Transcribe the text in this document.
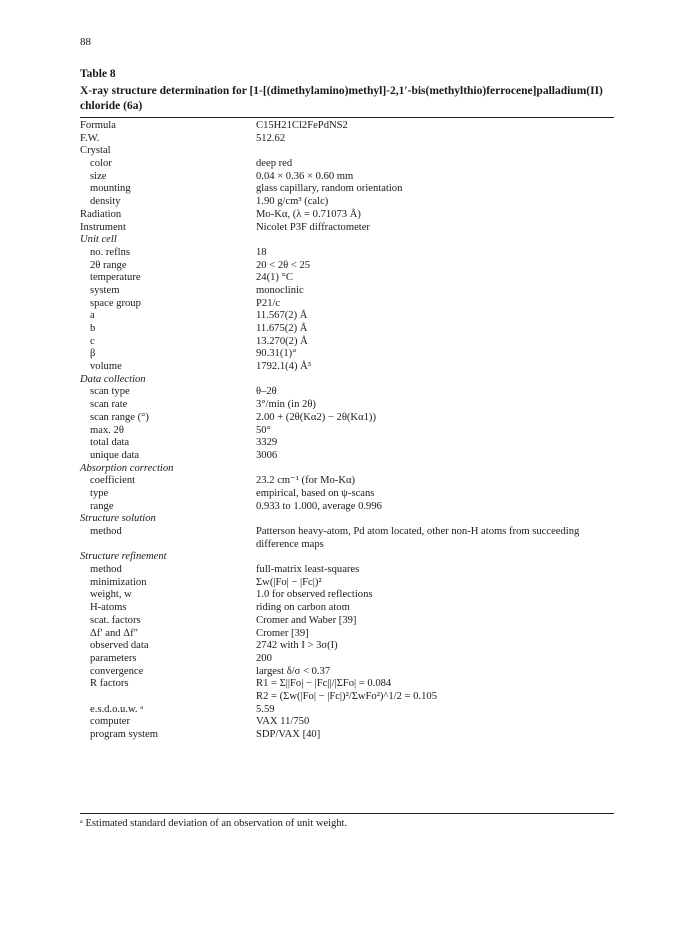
88
Table 8
X-ray structure determination for [1-[(dimethylamino)methyl]-2,1′-bis(methylthio)ferrocene]palladium(II) chloride (6a)
Formula	C15H21Cl2FePdNS2
F.W.	512.62
Crystal
color	deep red
size	0.04 × 0.36 × 0.60 mm
mounting	glass capillary, random orientation
density	1.90 g/cm³ (calc)
Radiation	Mo-Kα, (λ = 0.71073 Å)
Instrument	Nicolet P3F diffractometer
Unit cell
no. reflns	18
2θ range	20 < 2θ < 25
temperature	24(1) °C
system	monoclinic
space group	P21/c
a	11.567(2) Å
b	11.675(2) Å
c	13.270(2) Å
β	90.31(1)°
volume	1792.1(4) Å³
Data collection
scan type	θ–2θ
scan rate	3°/min (in 2θ)
scan range (°)	2.00 + (2θ(Kα2) − 2θ(Kα1))
max. 2θ	50°
total data	3329
unique data	3006
Absorption correction
coefficient	23.2 cm⁻¹ (for Mo-Kα)
type	empirical, based on ψ-scans
range	0.933 to 1.000, average 0.996
Structure solution
method	Patterson heavy-atom, Pd atom located, other non-H atoms from succeeding difference maps
Structure refinement
method	full-matrix least-squares
minimization	Σw(|Fo| − |Fc|)²
weight, w	1.0 for observed reflections
H-atoms	riding on carbon atom
scat. factors	Cromer and Waber [39]
Δf′ and Δf″	Cromer [39]
observed data	2742 with I > 3σ(I)
parameters	200
convergence	largest δ/σ < 0.37
R factors	R1 = Σ||Fo| − |Fc||/|ΣFo| = 0.084
R2 = (Σw(|Fo| − |Fc|)²/ΣwFo²)^1/2 = 0.105
e.s.d.o.u.w. ᵃ	5.59
computer	VAX 11/750
program system	SDP/VAX [40]
ᵃ Estimated standard deviation of an observation of unit weight.
